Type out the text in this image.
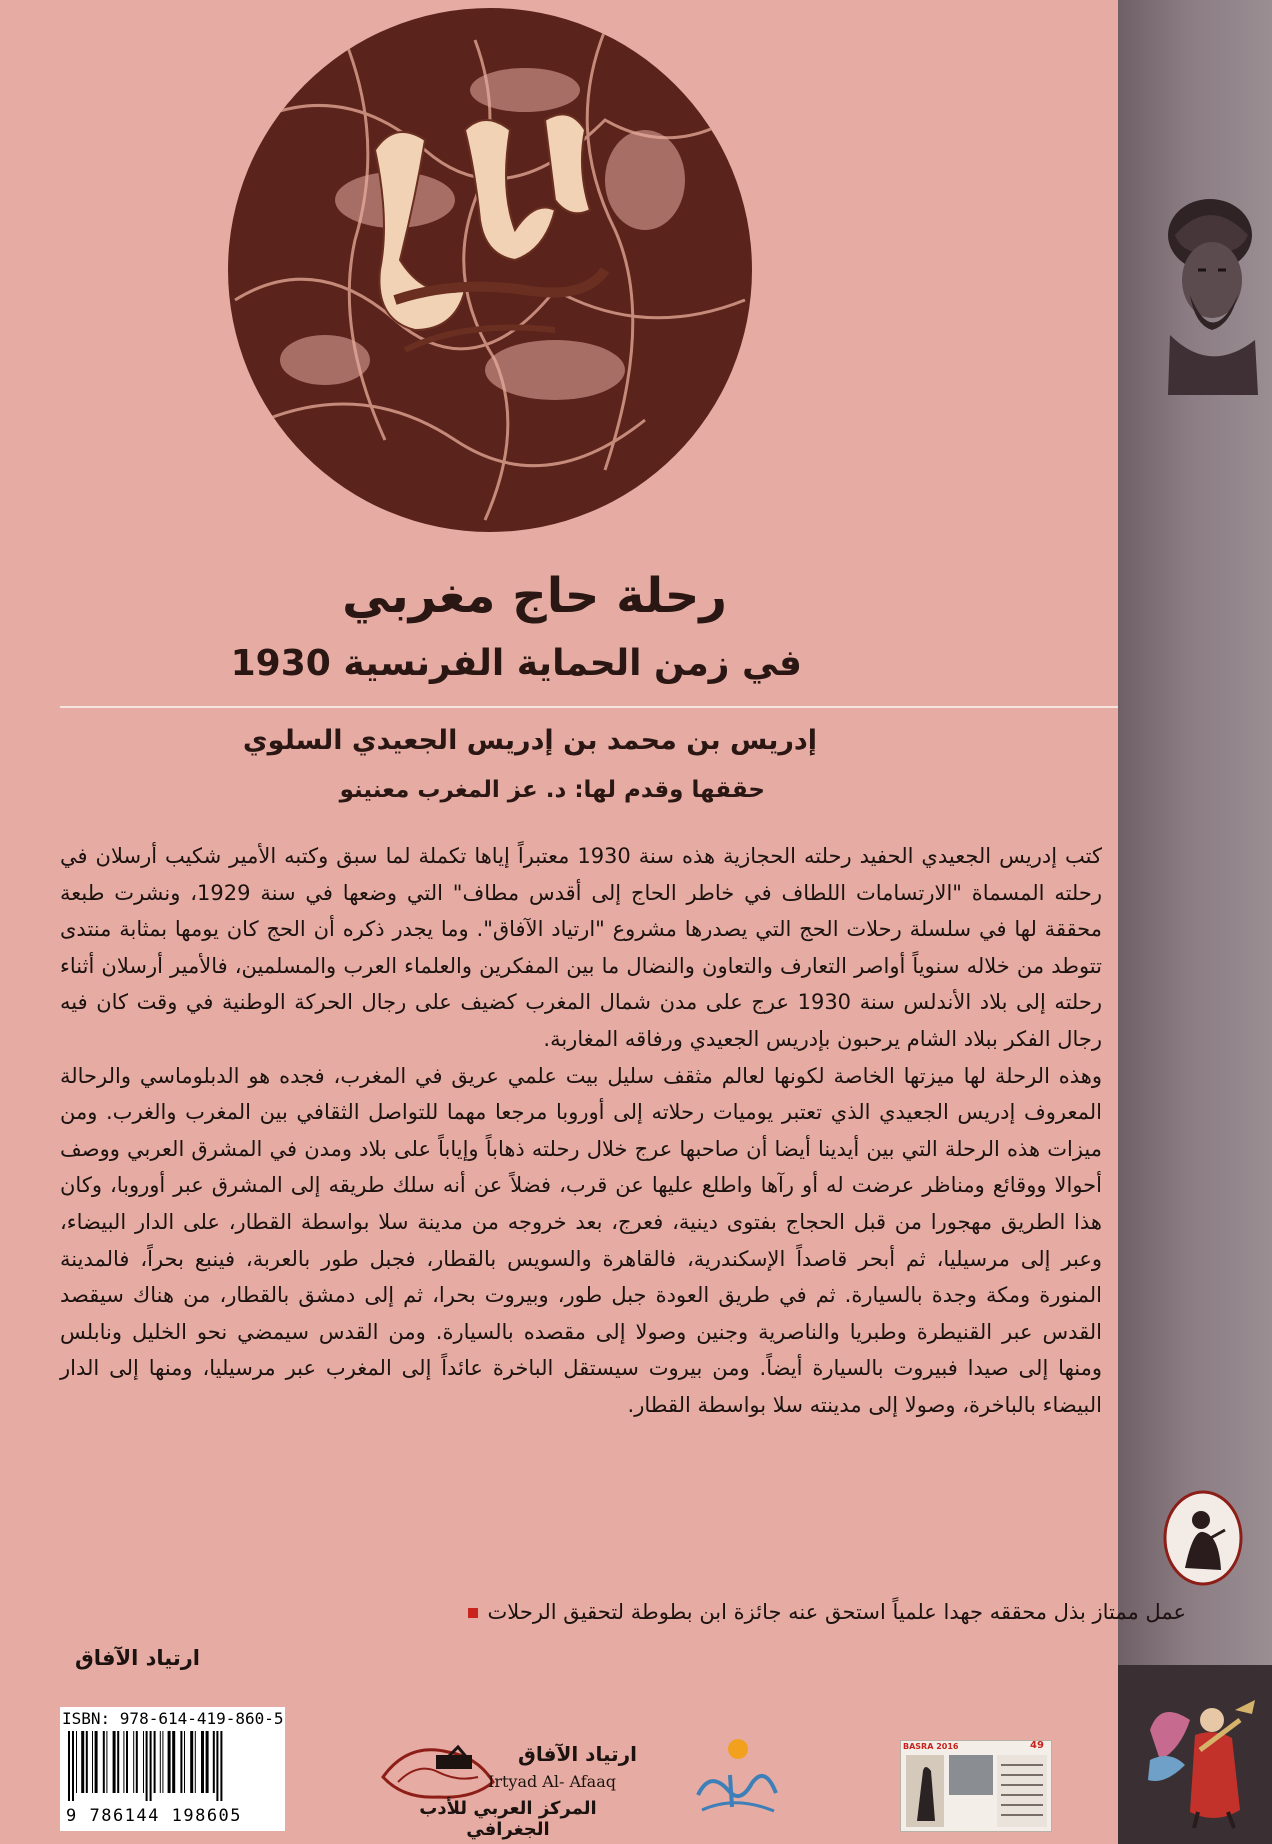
رحلة حاج مغربي
في زمن الحماية الفرنسية 1930

إدريس بن محمد بن إدريس الجعيدي السلوي

حققها وقدم لها: د. عز المغرب معنينو

كتب إدريس الجعيدي الحفيد رحلته الحجازية هذه سنة 1930 معتبراً إياها تكملة لما سبق وكتبه الأمير شكيب أرسلان في رحلته المسماة "الارتسامات اللطاف في خاطر الحاج إلى أقدس مطاف" التي وضعها في سنة 1929، ونشرت طبعة محققة لها في سلسلة رحلات الحج التي يصدرها مشروع "ارتياد الآفاق". وما يجدر ذكره أن الحج كان يومها بمثابة منتدى تتوطد من خلاله سنوياً أواصر التعارف والتعاون والنضال ما بين المفكرين والعلماء العرب والمسلمين، فالأمير أرسلان أثناء رحلته إلى بلاد الأندلس سنة 1930 عرج على مدن شمال المغرب كضيف على رجال الحركة الوطنية في وقت كان فيه رجال الفكر ببلاد الشام يرحبون بإدريس الجعيدي ورفاقه المغاربة.

وهذه الرحلة لها ميزتها الخاصة لكونها لعالم مثقف سليل بيت علمي عريق في المغرب، فجده هو الدبلوماسي والرحالة المعروف إدريس الجعيدي الذي تعتبر يوميات رحلاته إلى أوروبا مرجعا مهما للتواصل الثقافي بين المغرب والغرب. ومن ميزات هذه الرحلة التي بين أيدينا أيضا أن صاحبها عرج خلال رحلته ذهاباً وإياباً على بلاد ومدن في المشرق العربي ووصف أحوالا ووقائع ومناظر عرضت له أو رآها واطلع عليها عن قرب، فضلاً عن أنه سلك طريقه إلى المشرق عبر أوروبا، وكان هذا الطريق مهجورا من قبل الحجاج بفتوى دينية، فعرج، بعد خروجه من مدينة سلا بواسطة القطار، على الدار البيضاء، وعبر إلى مرسيليا، ثم أبحر قاصداً الإسكندرية، فالقاهرة والسويس بالقطار، فجبل طور بالعربة، فينبع بحراً، فالمدينة المنورة ومكة وجدة بالسيارة. ثم في طريق العودة جبل طور، وبيروت بحرا، ثم إلى دمشق بالقطار، من هناك سيقصد القدس عبر القنيطرة وطبريا والناصرية وجنين وصولا إلى مقصده بالسيارة. ومن القدس سيمضي نحو الخليل ونابلس ومنها إلى صيدا فبيروت بالسيارة أيضاً. ومن بيروت سيستقل الباخرة عائداً إلى المغرب عبر مرسيليا، ومنها إلى الدار البيضاء بالباخرة، وصولا إلى مدينته سلا بواسطة القطار.

عمل ممتاز بذل محققه جهدا علمياً استحق عنه جائزة ابن بطوطة لتحقيق الرحلات

ارتياد الآفاق

ISBN: 978-614-419-860-5
9 786144 198605

ارتياد الآفاق

Irtyad Al- Afaaq

المركز العربي للأدب الجغرافي

BASRA 2016	49
